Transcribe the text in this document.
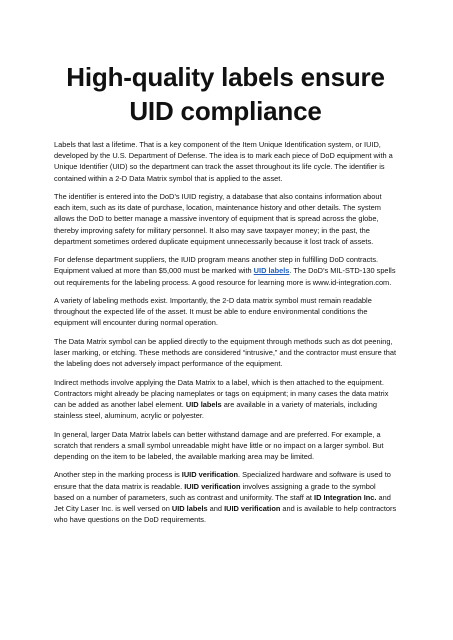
High-quality labels ensure
UID compliance

Labels that last a lifetime. That is a key component of the Item Unique Identification system, or IUID, developed by the U.S. Department of Defense. The idea is to mark each piece of DoD equipment with a Unique Identifier (UID) so the department can track the asset throughout its life cycle. The identifier is contained within a 2-D Data Matrix symbol that is applied to the asset.

The identifier is entered into the DoD’s IUID registry, a database that also contains information about each item, such as its date of purchase, location, maintenance history and other details. The system allows the DoD to better manage a massive inventory of equipment that is spread across the globe, thereby improving safety for military personnel. It also may save taxpayer money; in the past, the department sometimes ordered duplicate equipment unnecessarily because it lost track of assets.

For defense department suppliers, the IUID program means another step in fulfilling DoD contracts. Equipment valued at more than $5,000 must be marked with UID labels. The DoD’s MIL-STD-130 spells out requirements for the labeling process. A good resource for learning more is www.id-integration.com.

A variety of labeling methods exist. Importantly, the 2-D data matrix symbol must remain readable throughout the expected life of the asset. It must be able to endure environmental conditions the equipment will encounter during normal operation.

The Data Matrix symbol can be applied directly to the equipment through methods such as dot peening, laser marking, or etching. These methods are considered “intrusive,” and the contractor must ensure that the labeling does not adversely impact performance of the equipment.

Indirect methods involve applying the Data Matrix to a label, which is then attached to the equipment. Contractors might already be placing nameplates or tags on equipment; in many cases the data matrix can be added as another label element. UID labels are available in a variety of materials, including stainless steel, aluminum, acrylic or polyester.

In general, larger Data Matrix labels can better withstand damage and are preferred. For example, a scratch that renders a small symbol unreadable might have little or no impact on a larger symbol. But depending on the item to be labeled, the available marking area may be limited.

Another step in the marking process is IUID verification. Specialized hardware and software is used to ensure that the data matrix is readable. IUID verification involves assigning a grade to the symbol based on a number of parameters, such as contrast and uniformity. The staff at ID Integration Inc. and Jet City Laser Inc. is well versed on UID labels and IUID verification and is available to help contractors who have questions on the DoD requirements.
